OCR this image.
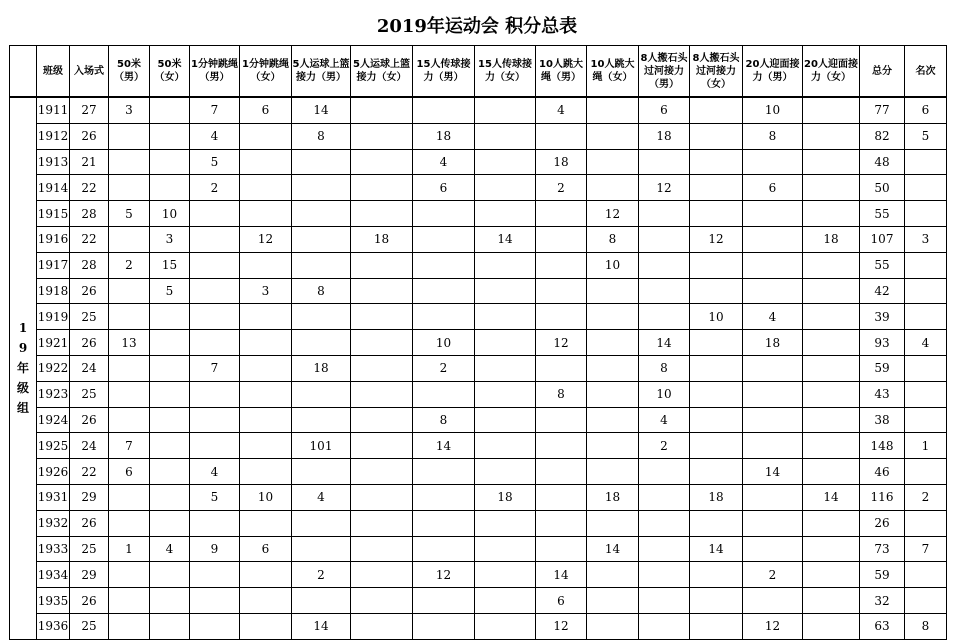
2019年运动会 积分总表
	班级	入场式	50米（男）	50米（女）	1分钟跳绳（男）	1分钟跳绳（女）	5人运球上篮接力（男）	5人运球上篮接力（女）	15人传球接力（男）	15人传球接力（女）	10人跳大绳（男）	10人跳大绳（女）	8人搬石头过河接力（男）	8人搬石头过河接力（女）	20人迎面接力（男）	20人迎面接力（女）	总分	名次
19年级组	1911	27	3		7	6	14				4		6		10		77	6
	1912	26			4		8		18				18		8		82	5
	1913	21			5				4		18						48	
	1914	22			2				6		2		12		6		50	
	1915	28	5	10								12					55	
	1916	22		3		12		18		14		8		12		18	107	3
	1917	28	2	15								10					55	
	1918	26		5		3	8										42	
	1919	25												10	4		39	
	1921	26	13						10		12		14		18		93	4
	1922	24			7		18		2				8				59	
	1923	25									8		10				43	
	1924	26							8				4				38	
	1925	24	7				101		14				2				148	1
	1926	22	6		4										14		46	
	1931	29			5	10	4			18		18		18		14	116	2
	1932	26															26	
	1933	25	1	4	9	6						14		14			73	7
	1934	29					2		12		14				2		59	
	1935	26									6						32	
	1936	25					14				12				12		63	8
